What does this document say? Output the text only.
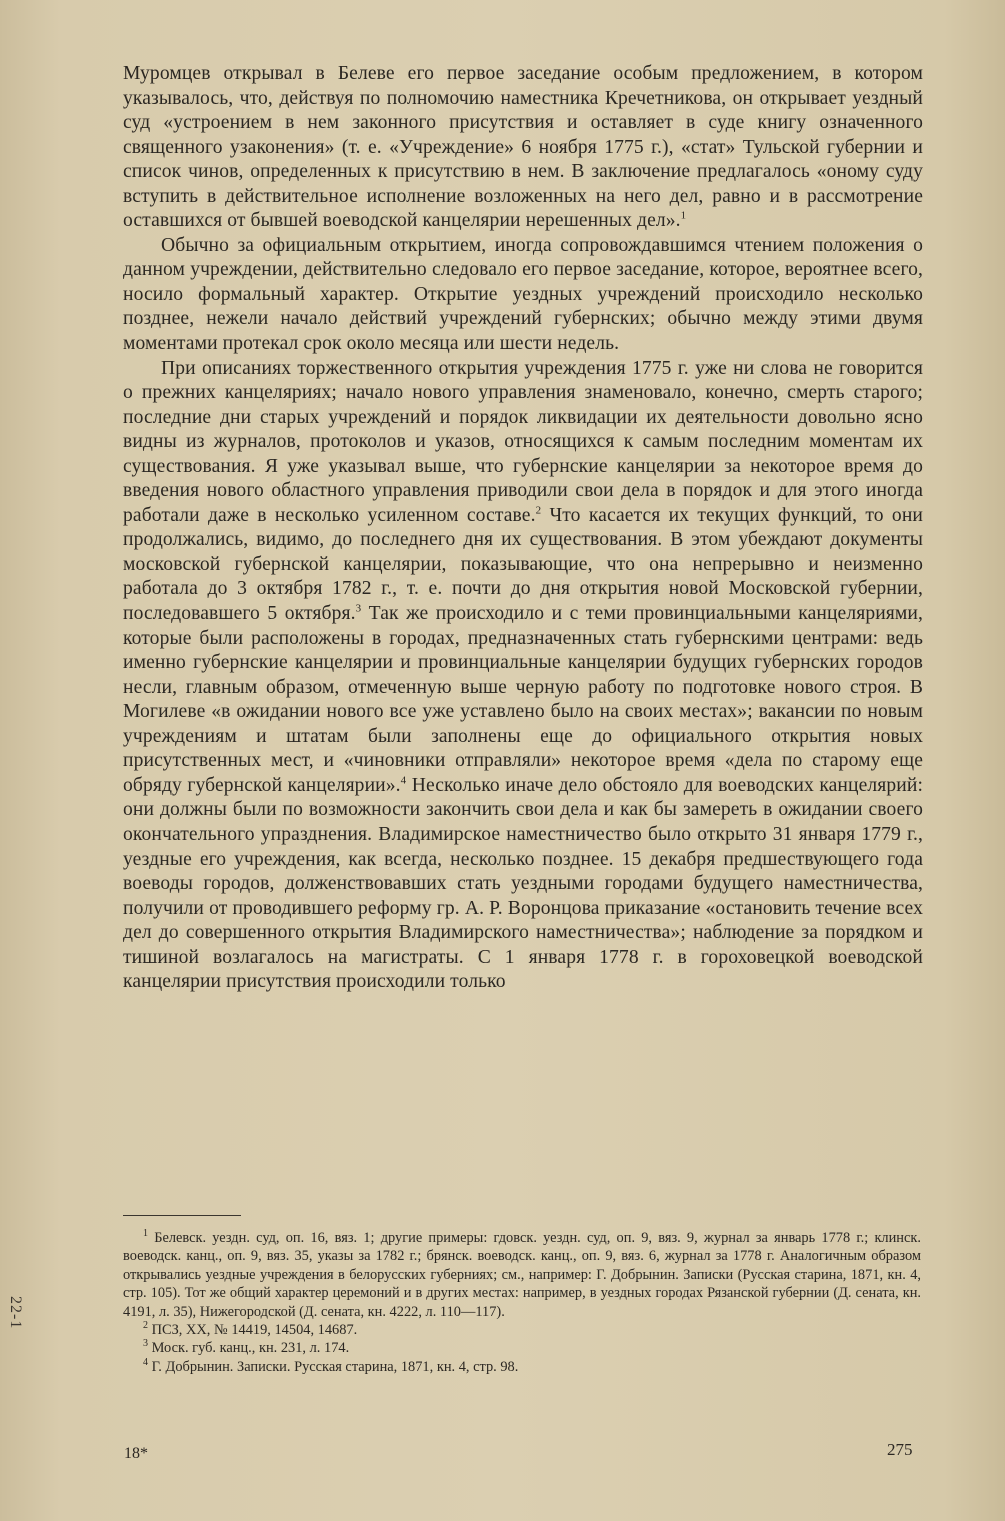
Муромцев открывал в Белеве его первое заседание особым предложением, в котором указывалось, что, действуя по полномочию наместника Кречетникова, он открывает уездный суд «устроением в нем законного присутствия и оставляет в суде книгу означенного священного узаконения» (т. е. «Учреждение» 6 ноября 1775 г.), «стат» Тульской губернии и список чинов, определенных к присутствию в нем. В заключение предлагалось «оному суду вступить в действительное исполнение возложенных на него дел, равно и в рассмотрение оставшихся от бывшей воеводской канцелярии нерешенных дел».$^1$

Обычно за официальным открытием, иногда сопровождавшимся чтением положения о данном учреждении, действительно следовало его первое заседание, которое, вероятнее всего, носило формальный характер. Открытие уездных учреждений происходило несколько позднее, нежели начало действий учреждений губернских; обычно между этими двумя моментами протекал срок около месяца или шести недель.

При описаниях торжественного открытия учреждения 1775 г. уже ни слова не говорится о прежних канцеляриях; начало нового управления знаменовало, конечно, смерть старого; последние дни старых учреждений и порядок ликвидации их деятельности довольно ясно видны из журналов, протоколов и указов, относящихся к самым последним моментам их существования. Я уже указывал выше, что губернские канцелярии за некоторое время до введения нового областного управления приводили свои дела в порядок и для этого иногда работали даже в несколько усиленном составе.$^2$ Что касается их текущих функций, то они продолжались, видимо, до последнего дня их существования. В этом убеждают документы московской губернской канцелярии, показывающие, что она непрерывно и неизменно работала до 3 октября 1782 г., т. е. почти до дня открытия новой Московской губернии, последовавшего 5 октября.$^3$ Так же происходило и с теми провинциальными канцеляриями, которые были расположены в городах, предназначенных стать губернскими центрами: ведь именно губернские канцелярии и провинциальные канцелярии будущих губернских городов несли, главным образом, отмеченную выше черную работу по подготовке нового строя. В Могилеве «в ожидании нового все уже уставлено было на своих местах»; вакансии по новым учреждениям и штатам были заполнены еще до официального открытия новых присутственных мест, и «чиновники отправляли» некоторое время «дела по старому еще обряду губернской канцелярии».$^4$ Несколько иначе дело обстояло для воеводских канцелярий: они должны были по возможности закончить свои дела и как бы замереть в ожидании своего окончательного упразднения. Владимирское наместничество было открыто 31 января 1779 г., уездные его учреждения, как всегда, несколько позднее. 15 декабря предшествующего года воеводы городов, долженствовавших стать уездными городами будущего наместничества, получили от проводившего реформу гр. А. Р. Воронцова приказание «остановить течение всех дел до совершенного открытия Владимирского наместничества»; наблюдение за порядком и тишиной возлагалось на магистраты. С 1 января 1778 г. в гороховецкой воеводской канцелярии присутствия происходили только

$^1$ Белевск. уездн. суд, оп. 16, вяз. 1; другие примеры: гдовск. уездн. суд, оп. 9, вяз. 9, журнал за январь 1778 г.; клинск. воеводск. канц., оп. 9, вяз. 35, указы за 1782 г.; брянск. воеводск. канц., оп. 9, вяз. 6, журнал за 1778 г. Аналогичным образом открывались уездные учреждения в белорусских губерниях; см., например: Г. Добрынин. Записки (Русская старина, 1871, кн. 4, стр. 105). Тот же общий характер церемоний и в других местах: например, в уездных городах Рязанской губернии (Д. сената, кн. 4191, л. 35), Нижегородской (Д. сената, кн. 4222, л. 110—117).

$^2$ ПСЗ, XX, № 14419, 14504, 14687.

$^3$ Моск. губ. канц., кн. 231, л. 174.

$^4$ Г. Добрынин. Записки. Русская старина, 1871, кн. 4, стр. 98.

18*	275
22-1
